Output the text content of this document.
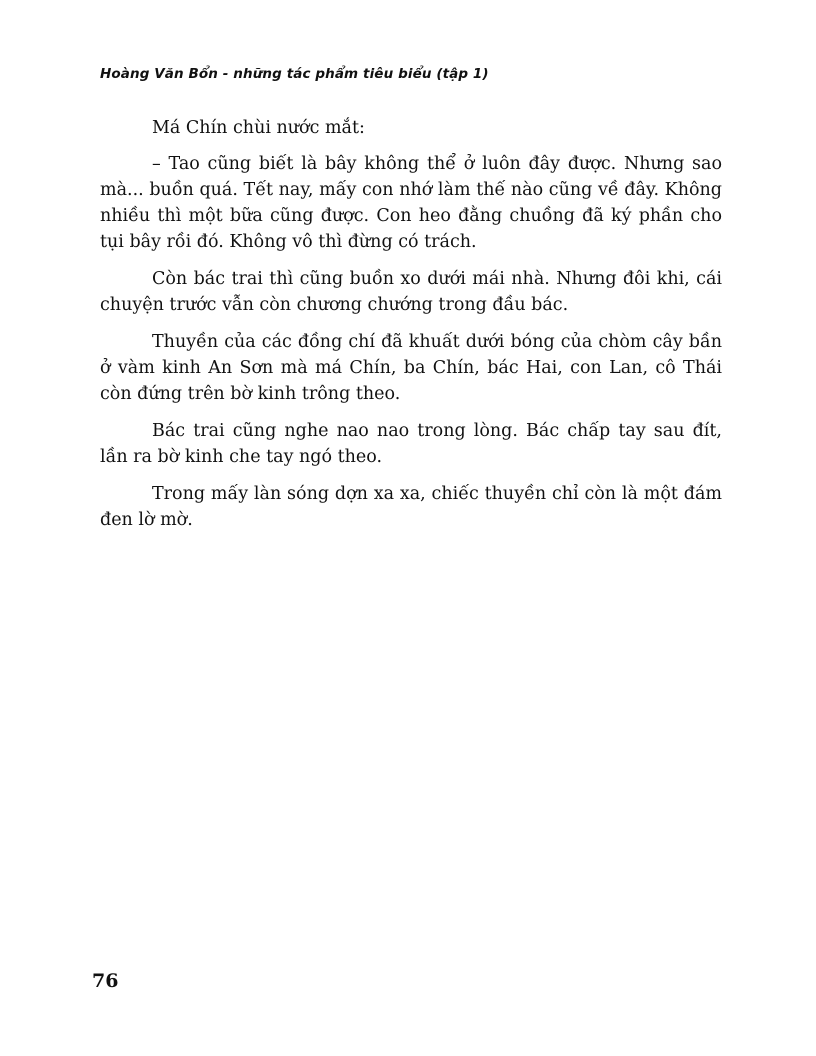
Hoàng Văn Bổn - những tác phẩm tiêu biểu (tập 1)

Má Chín chùi nước mắt:

– Tao cũng biết là bây không thể ở luôn đây được. Nhưng sao mà... buồn quá. Tết nay, mấy con nhớ làm thế nào cũng về đây. Không nhiều thì một bữa cũng được. Con heo đằng chuồng đã ký phần cho tụi bây rồi đó. Không vô thì đừng có trách.

Còn bác trai thì cũng buồn xo dưới mái nhà. Nhưng đôi khi, cái chuyện trước vẫn còn chương chướng trong đầu bác.

Thuyền của các đồng chí đã khuất dưới bóng của chòm cây bần ở vàm kinh An Sơn mà má Chín, ba Chín, bác Hai, con Lan, cô Thái còn đứng trên bờ kinh trông theo.

Bác trai cũng nghe nao nao trong lòng. Bác chấp tay sau đít, lần ra bờ kinh che tay ngó theo.

Trong mấy làn sóng dợn xa xa, chiếc thuyền chỉ còn là một đám đen lờ mờ.

76
